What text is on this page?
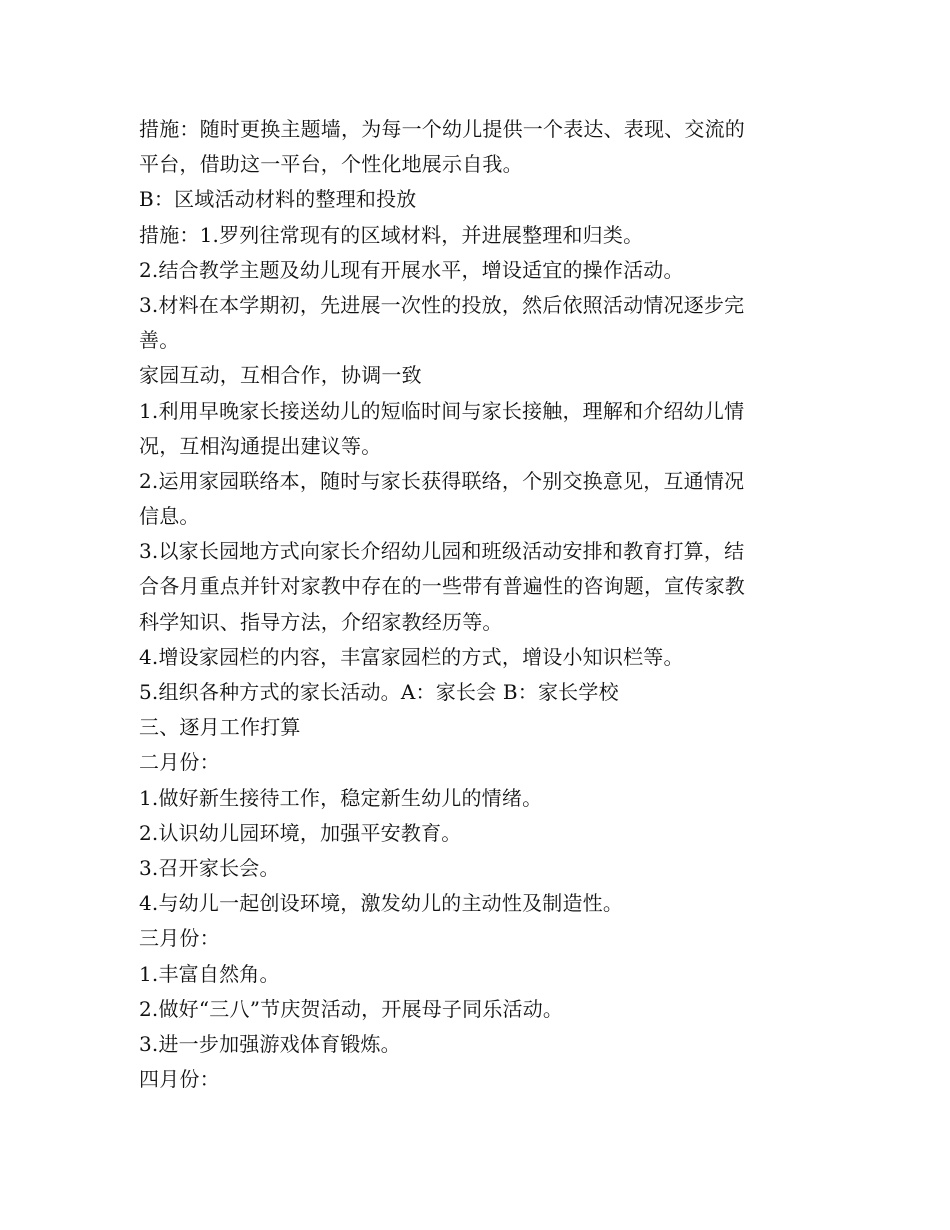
措施：随时更换主题墙，为每一个幼儿提供一个表达、表现、交流的
平台，借助这一平台，个性化地展示自我。
B：区域活动材料的整理和投放
措施：1.罗列往常现有的区域材料，并进展整理和归类。
2.结合教学主题及幼儿现有开展水平，增设适宜的操作活动。
3.材料在本学期初，先进展一次性的投放，然后依照活动情况逐步完
善。
家园互动，互相合作，协调一致
1.利用早晚家长接送幼儿的短临时间与家长接触，理解和介绍幼儿情
况，互相沟通提出建议等。
2.运用家园联络本，随时与家长获得联络，个别交换意见，互通情况
信息。
3.以家长园地方式向家长介绍幼儿园和班级活动安排和教育打算，结
合各月重点并针对家教中存在的一些带有普遍性的咨询题，宣传家教
科学知识、指导方法，介绍家教经历等。
4.增设家园栏的内容，丰富家园栏的方式，增设小知识栏等。
5.组织各种方式的家长活动。A：家长会 B：家长学校
三、逐月工作打算
二月份：
1.做好新生接待工作，稳定新生幼儿的情绪。
2.认识幼儿园环境，加强平安教育。
3.召开家长会。
4.与幼儿一起创设环境，激发幼儿的主动性及制造性。
三月份：
1.丰富自然角。
2.做好“三八”节庆贺活动，开展母子同乐活动。
3.进一步加强游戏体育锻炼。
四月份：
